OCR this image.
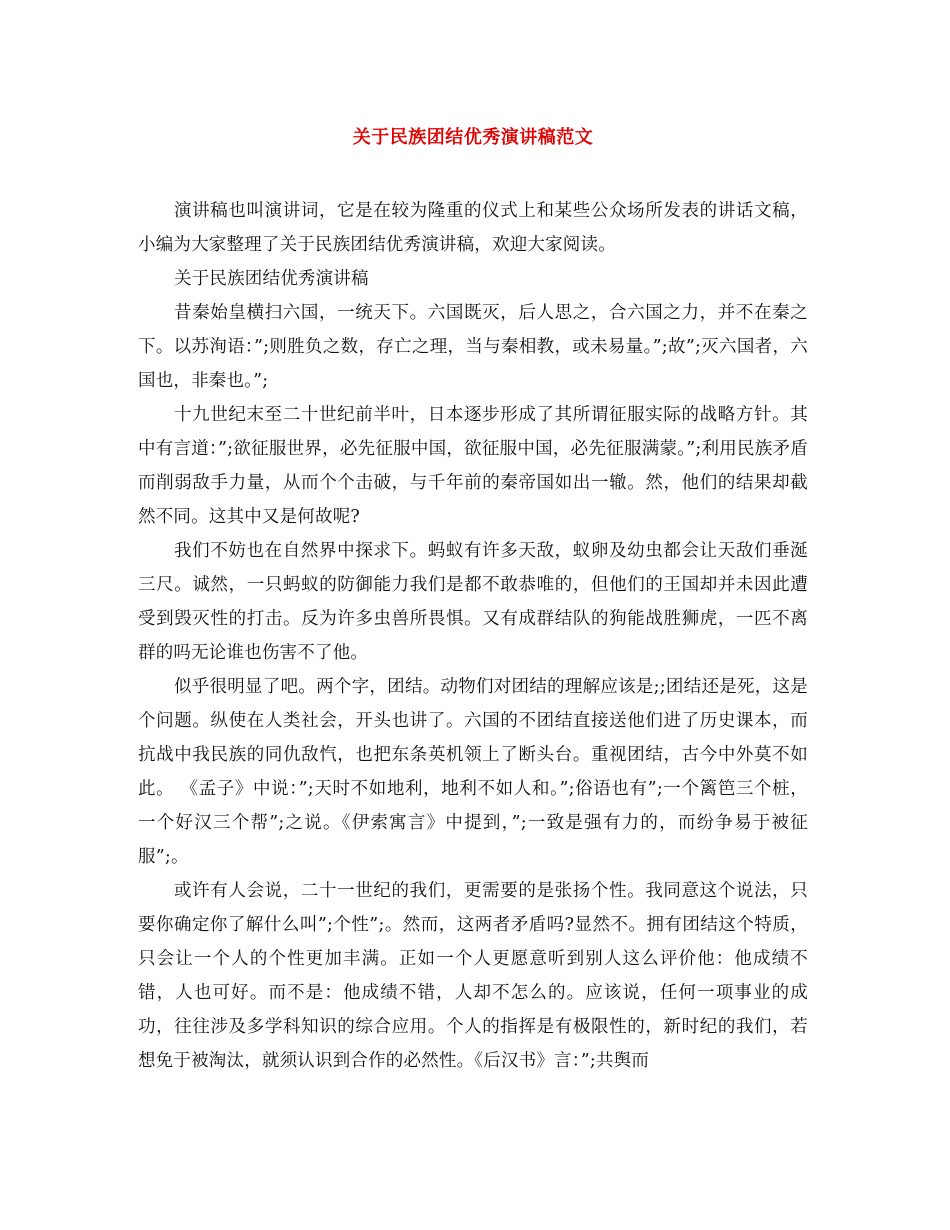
关于民族团结优秀演讲稿范文

演讲稿也叫演讲词，它是在较为隆重的仪式上和某些公众场所发表的讲话文稿，小编为大家整理了关于民族团结优秀演讲稿，欢迎大家阅读。

关于民族团结优秀演讲稿

昔秦始皇横扫六国，一统天下。六国既灭，后人思之，合六国之力，并不在秦之下。以苏洵语：”;则胜负之数，存亡之理，当与秦相教，或未易量。”;故”;灭六国者，六国也，非秦也。”;

十九世纪末至二十世纪前半叶，日本逐步形成了其所谓征服实际的战略方针。其中有言道：”;欲征服世界，必先征服中国，欲征服中国，必先征服满蒙。”;利用民族矛盾而削弱敌手力量，从而个个击破，与千年前的秦帝国如出一辙。然，他们的结果却截然不同。这其中又是何故呢?

我们不妨也在自然界中探求下。蚂蚁有许多天敌，蚁卵及幼虫都会让天敌们垂涎三尺。诚然，一只蚂蚁的防御能力我们是都不敢恭唯的，但他们的王国却并未因此遭受到毁灭性的打击。反为许多虫兽所畏惧。又有成群结队的狗能战胜狮虎，一匹不离群的吗无论谁也伤害不了他。

似乎很明显了吧。两个字，团结。动物们对团结的理解应该是;;团结还是死，这是个问题。纵使在人类社会，开头也讲了。六国的不团结直接送他们进了历史课本，而抗战中我民族的同仇敌忾，也把东条英机领上了断头台。重视团结，古今中外莫不如此。 《孟子》中说：”;天时不如地利，地利不如人和。”;俗语也有”;一个篱笆三个桩，一个好汉三个帮”;之说。《伊索寓言》中提到，”;一致是强有力的，而纷争易于被征服”;。

或许有人会说，二十一世纪的我们，更需要的是张扬个性。我同意这个说法，只要你确定你了解什么叫”;个性”;。然而，这两者矛盾吗?显然不。拥有团结这个特质，只会让一个人的个性更加丰满。正如一个人更愿意听到别人这么评价他：他成绩不错，人也可好。而不是：他成绩不错，人却不怎么的。应该说，任何一项事业的成功，往往涉及多学科知识的综合应用。个人的指挥是有极限性的，新时纪的我们，若想免于被淘汰，就须认识到合作的必然性。《后汉书》言：”;共舆而
